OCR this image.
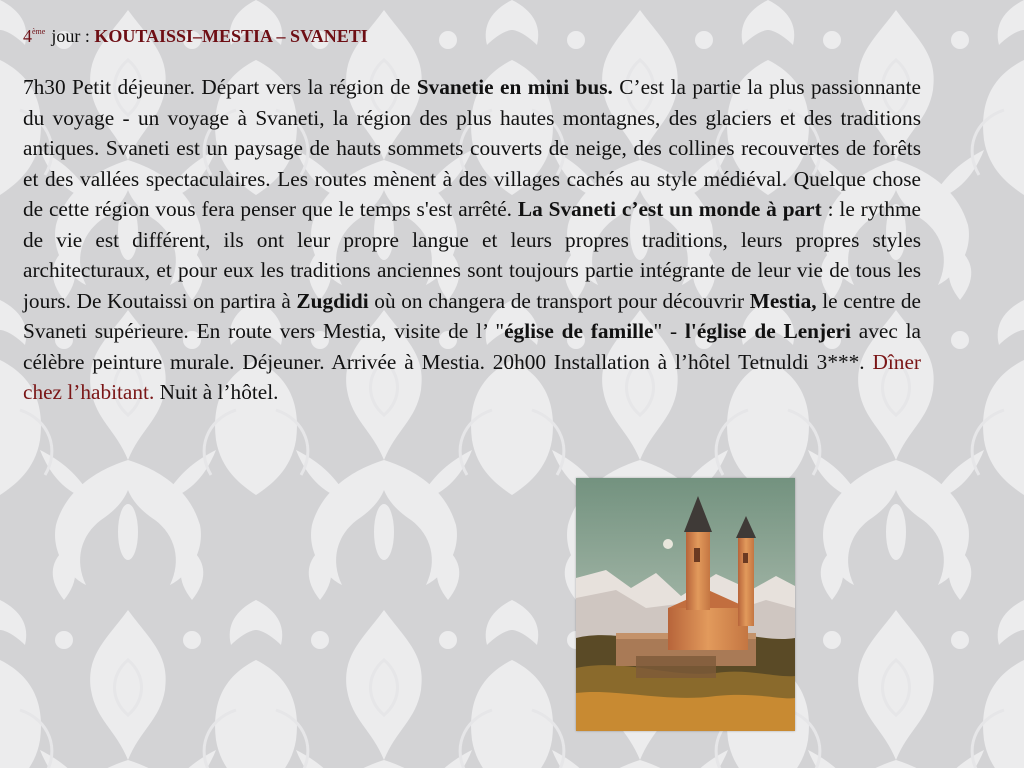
4ème jour : KOUTAISSI–MESTIA – SVANETI

7h30 Petit déjeuner. Départ vers la région de Svanetie en mini bus. C’est la partie la plus passionnante du voyage - un voyage à Svaneti, la région des plus hautes montagnes, des glaciers et des traditions antiques. Svaneti est un paysage de hauts sommets couverts de neige, des collines recouvertes de forêts et des vallées spectaculaires. Les routes mènent à des villages cachés au style médiéval. Quelque chose de cette région vous fera penser que le temps s'est arrêté. La Svaneti c’est un monde à part : le rythme de vie est différent, ils ont leur propre langue et leurs propres traditions, leurs propres styles architecturaux, et pour eux les traditions anciennes sont toujours partie intégrante de leur vie de tous les jours. De Koutaissi on partira à Zugdidi où on changera de transport pour découvrir Mestia, le centre de Svaneti supérieure. En route vers Mestia, visite de l’ "église de famille" - l'église de Lenjeri avec la célèbre peinture murale. Déjeuner. Arrivée à Mestia. 20h00 Installation à l’hôtel Tetnuldi 3***. Dîner chez l’habitant. Nuit à l’hôtel.
